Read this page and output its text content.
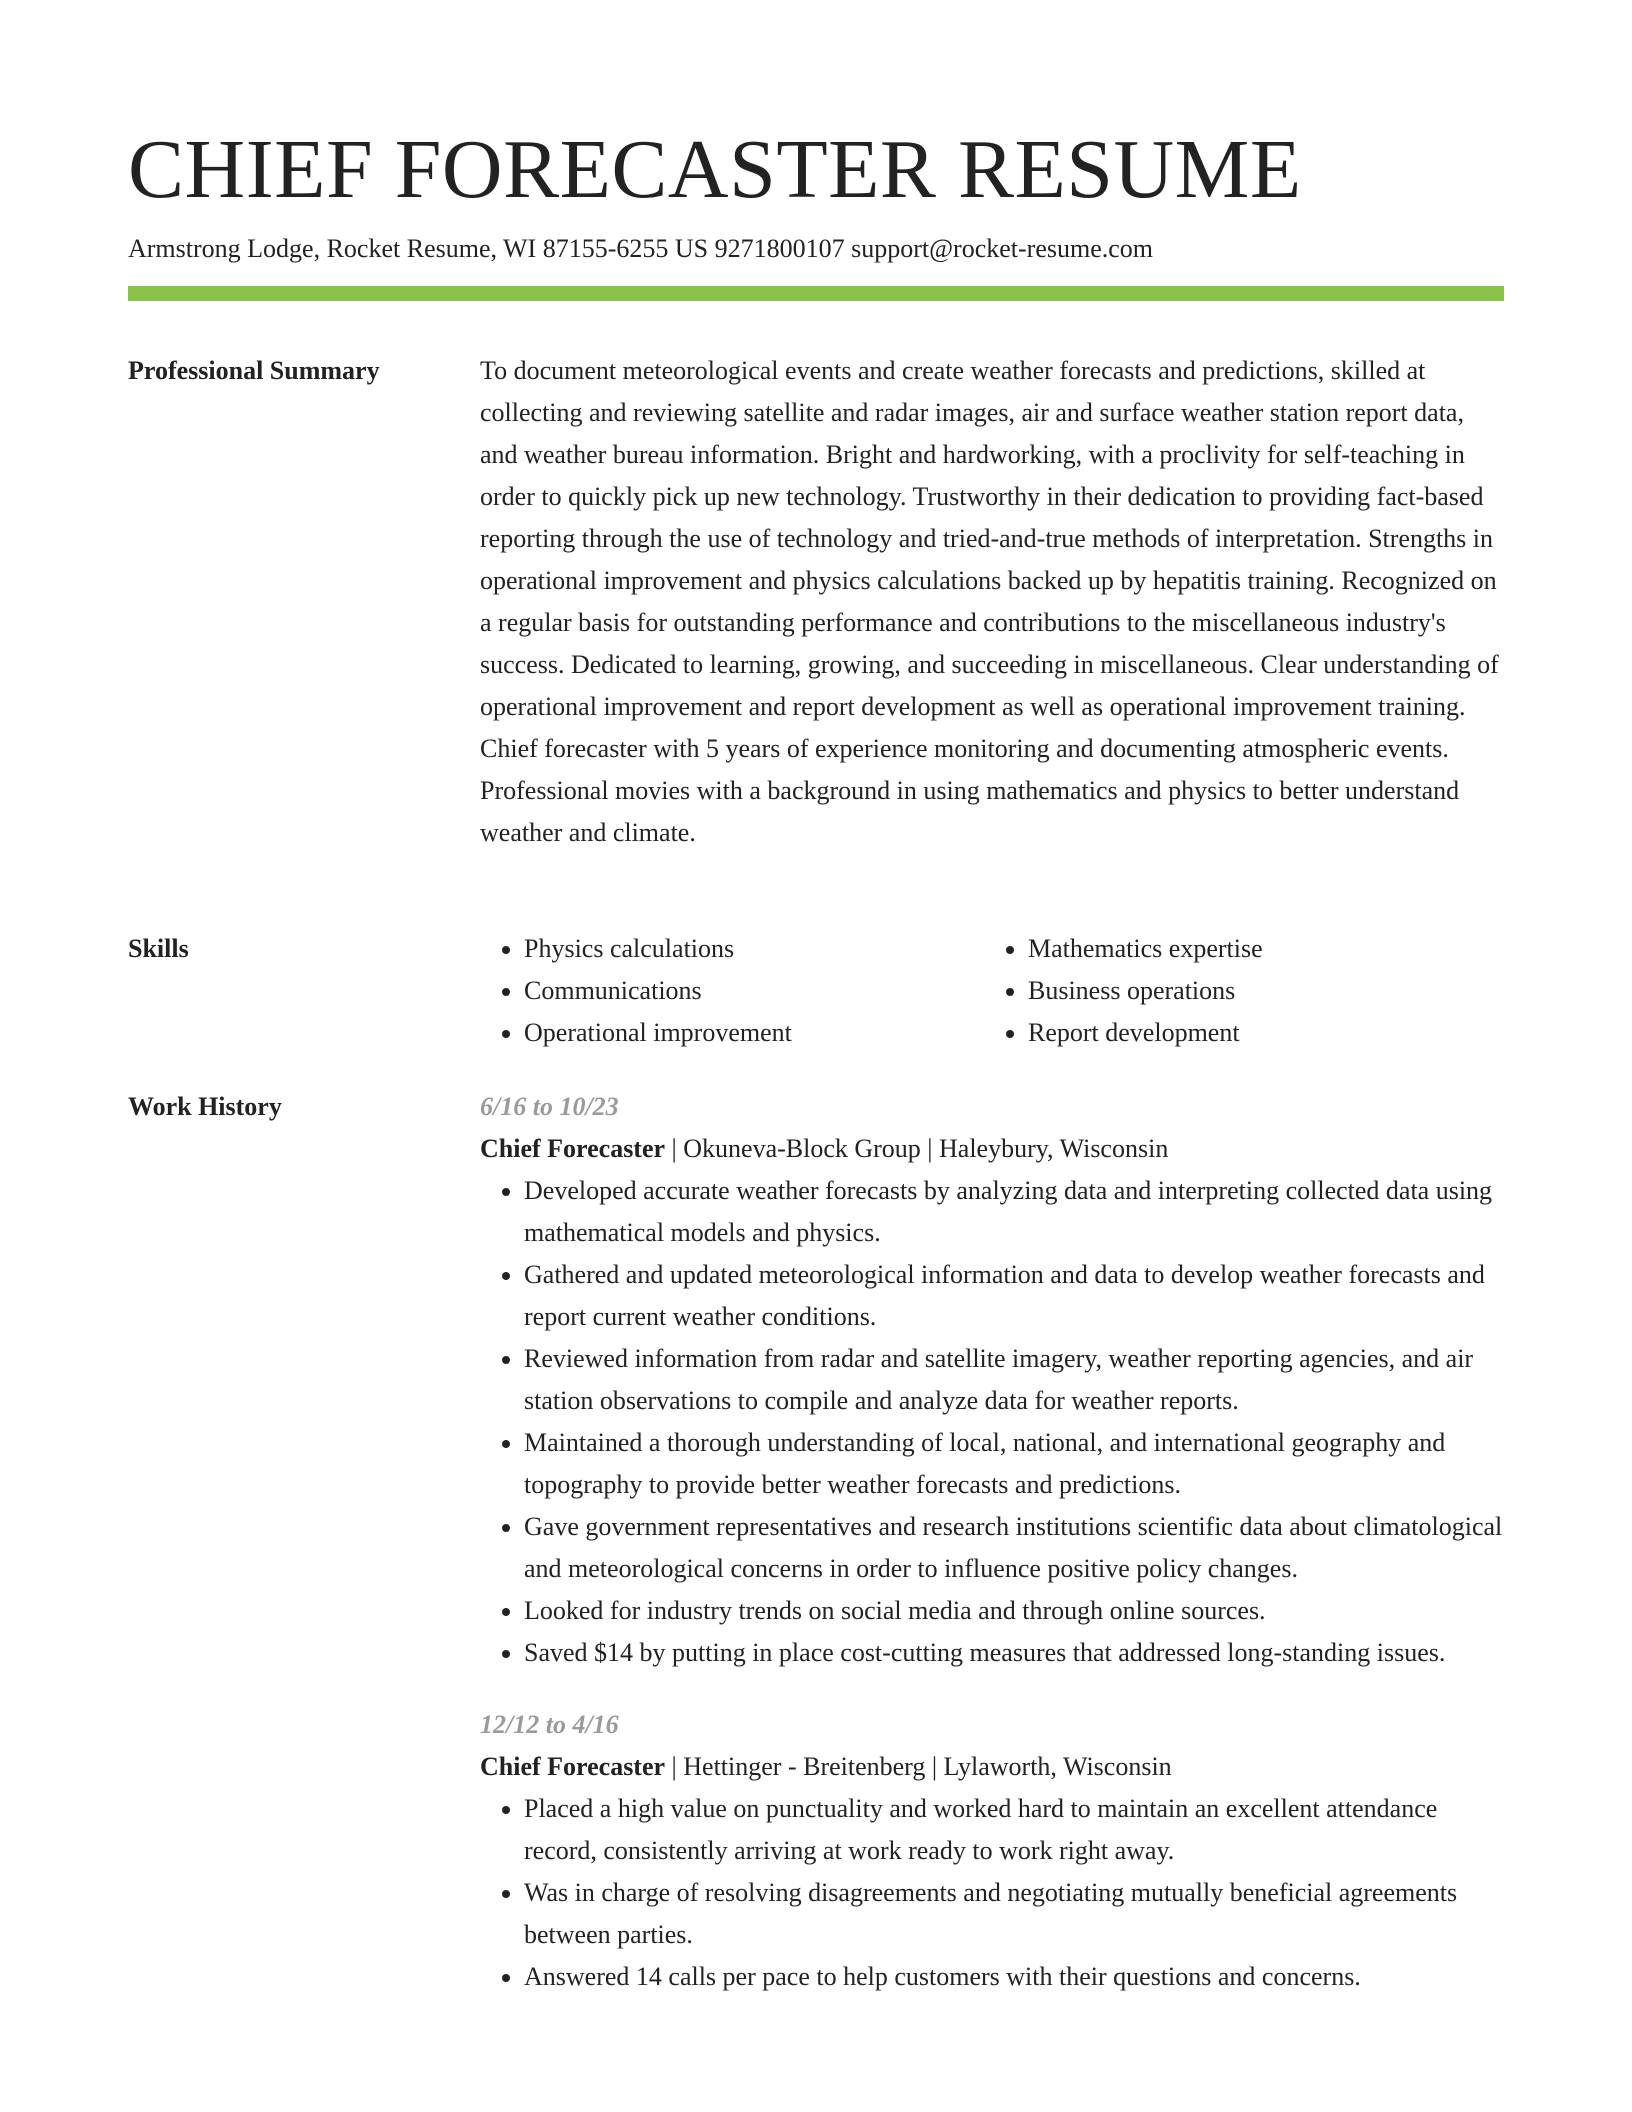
CHIEF FORECASTER RESUME
Armstrong Lodge, Rocket Resume, WI 87155-6255 US 9271800107 support@rocket-resume.com
Professional Summary	To document meteorological events and create weather forecasts and predictions, skilled at collecting and reviewing satellite and radar images, air and surface weather station report data, and weather bureau information. Bright and hardworking, with a proclivity for self-teaching in order to quickly pick up new technology. Trustworthy in their dedication to providing fact-based reporting through the use of technology and tried-and-true methods of interpretation. Strengths in operational improvement and physics calculations backed up by hepatitis training. Recognized on a regular basis for outstanding performance and contributions to the miscellaneous industry's success. Dedicated to learning, growing, and succeeding in miscellaneous. Clear understanding of operational improvement and report development as well as operational improvement training. Chief forecaster with 5 years of experience monitoring and documenting atmospheric events. Professional movies with a background in using mathematics and physics to better understand weather and climate.

Skills
•	Physics calculations
• Communications
• Operational improvement
• Mathematics expertise
• Business operations
• Report development
Work History	6/16 to 10/23
Chief Forecaster | Okuneva-Block Group | Haleybury, Wisconsin
• Developed accurate weather forecasts by analyzing data and interpreting collected data using mathematical models and physics.
• Gathered and updated meteorological information and data to develop weather forecasts and report current weather conditions.
• Reviewed information from radar and satellite imagery, weather reporting agencies, and air station observations to compile and analyze data for weather reports.
• Maintained a thorough understanding of local, national, and international geography and topography to provide better weather forecasts and predictions.
• Gave government representatives and research institutions scientific data about climatological and meteorological concerns in order to influence positive policy changes.
• Looked for industry trends on social media and through online sources.
• Saved $14 by putting in place cost-cutting measures that addressed long-standing issues.
12/12 to 4/16
Chief Forecaster | Hettinger - Breitenberg | Lylaworth, Wisconsin
• Placed a high value on punctuality and worked hard to maintain an excellent attendance record, consistently arriving at work ready to work right away.
• Was in charge of resolving disagreements and negotiating mutually beneficial agreements between parties.
• Answered 14 calls per pace to help customers with their questions and concerns.
